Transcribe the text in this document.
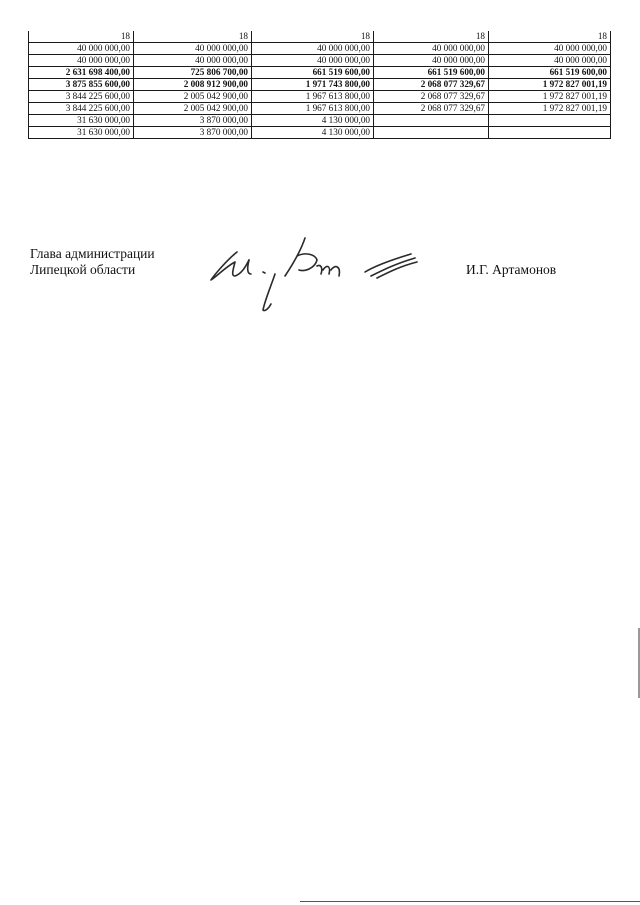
18	18	18	18	18
40 000 000,00	40 000 000,00	40 000 000,00	40 000 000,00	40 000 000,00
40 000 000,00	40 000 000,00	40 000 000,00	40 000 000,00	40 000 000,00
2 631 698 400,00	725 806 700,00	661 519 600,00	661 519 600,00	661 519 600,00
3 875 855 600,00	2 008 912 900,00	1 971 743 800,00	2 068 077 329,67	1 972 827 001,19
3 844 225 600,00	2 005 042 900,00	1 967 613 800,00	2 068 077 329,67	1 972 827 001,19
3 844 225 600,00	2 005 042 900,00	1 967 613 800,00	2 068 077 329,67	1 972 827 001,19
31 630 000,00	3 870 000,00	4 130 000,00		
31 630 000,00	3 870 000,00	4 130 000,00		
Глава администрации
Липецкой области	И.Г. Артамонов
